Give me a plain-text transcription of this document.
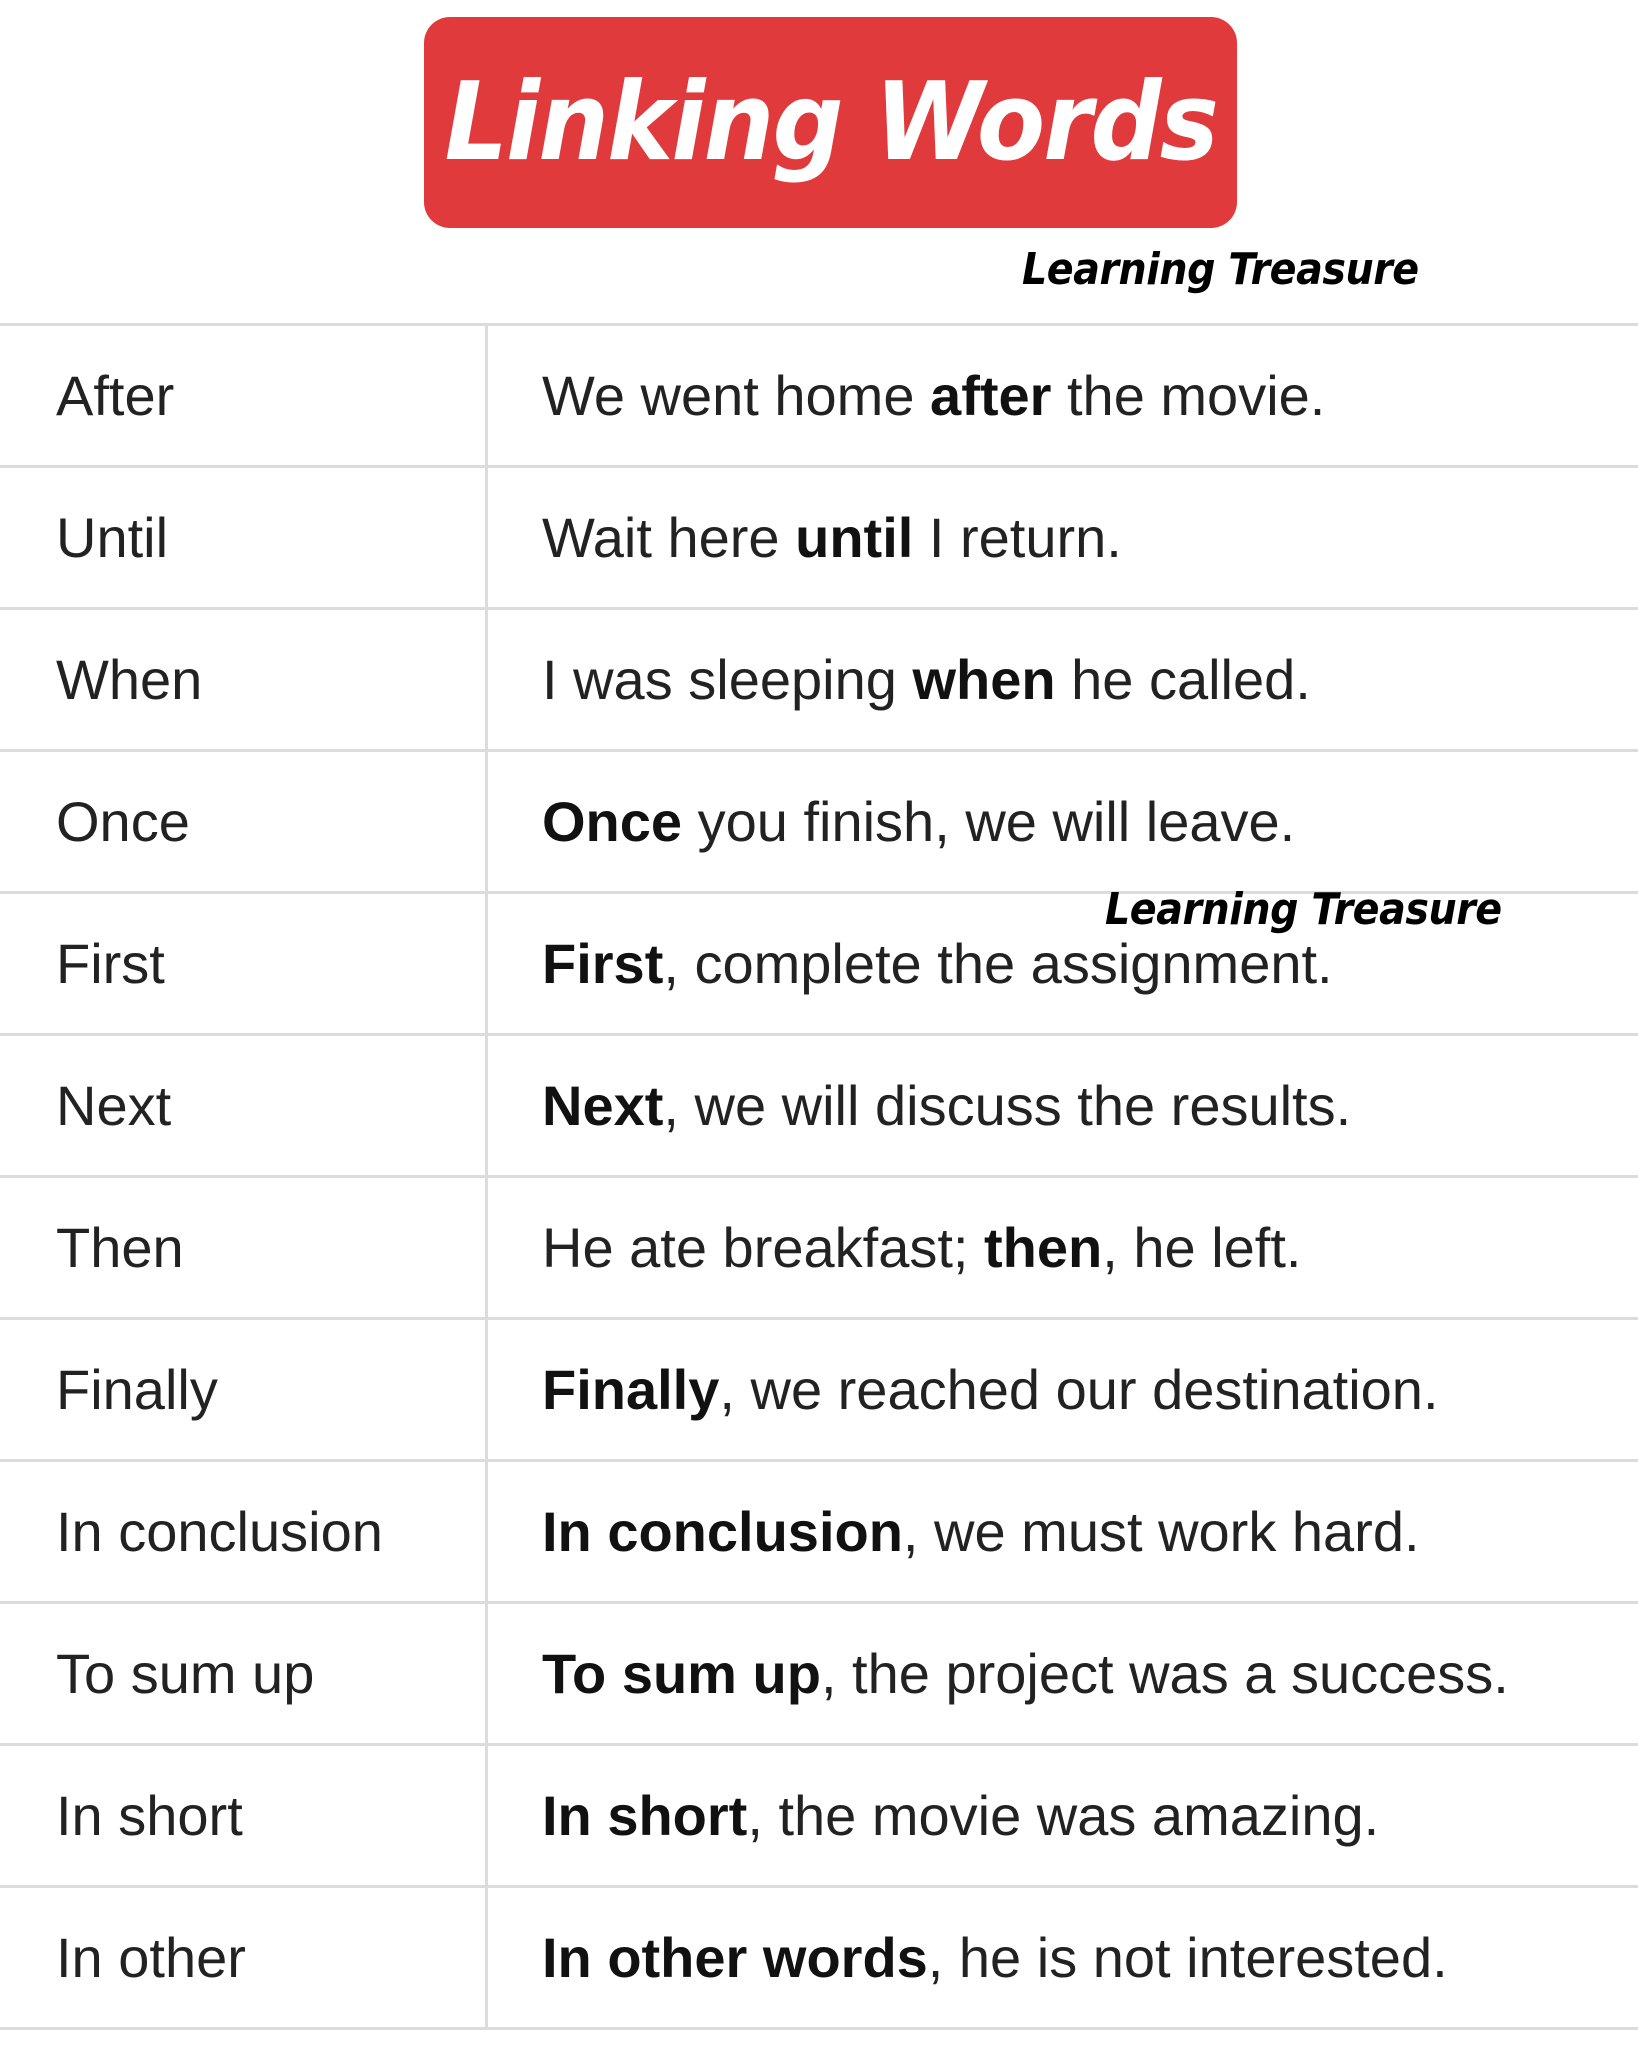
Linking Words
Learning Treasure
After	We went home after the movie.
Until	Wait here until I return.
When	I was sleeping when he called.
Once	Once you finish, we will leave.
First	First , complete the assignment.
Next	Next , we will discuss the results.
Then	He ate breakfast; then , he left.
Finally	Finally , we reached our destination.
In conclusion	In conclusion , we must work hard.
To sum up	To sum up , the project was a success.
In short	In short , the movie was amazing.
In other	In other words , he is not interested.
Learning Treasure
